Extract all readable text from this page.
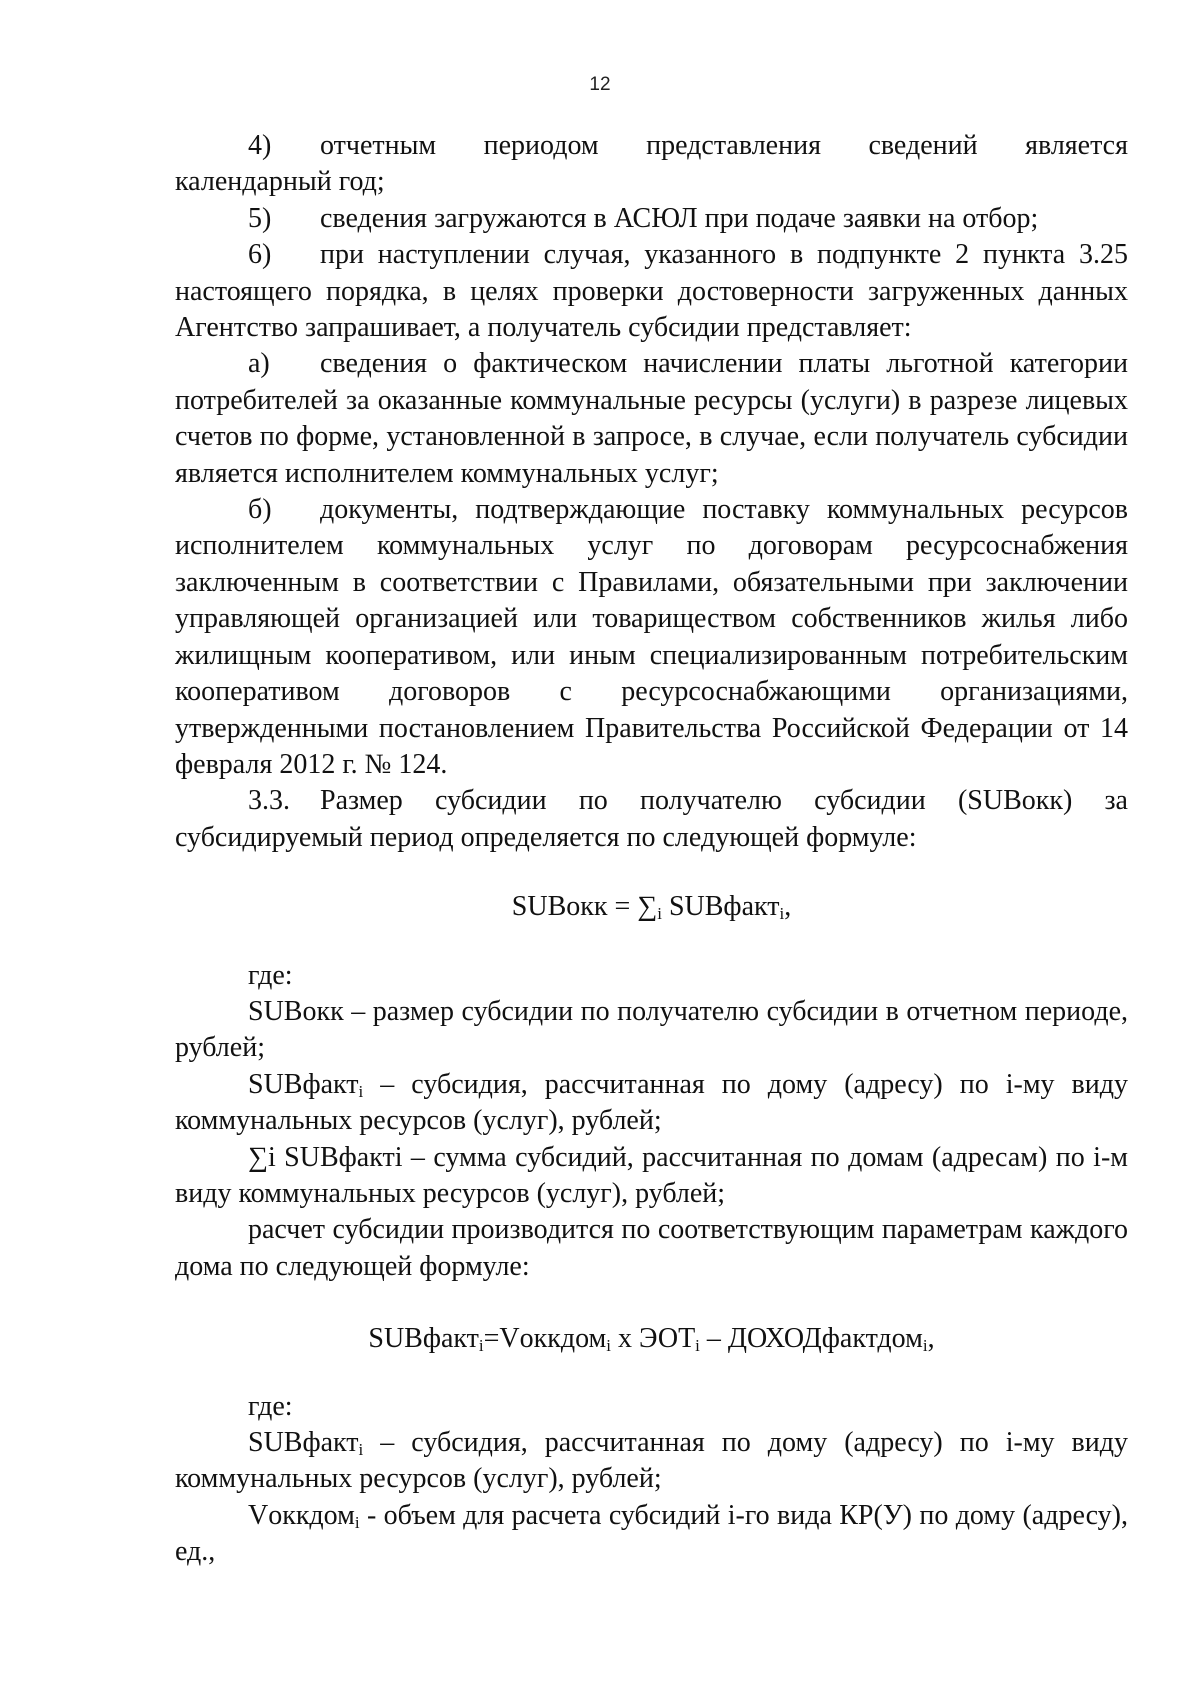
12

4) отчетным периодом представления сведений является календарный год;

5) сведения загружаются в АСЮЛ при подаче заявки на отбор;

6) при наступлении случая, указанного в подпункте 2 пункта 3.25 настоящего порядка, в целях проверки достоверности загруженных данных Агентство запрашивает, а получатель субсидии представляет:

а) сведения о фактическом начислении платы льготной категории потребителей за оказанные коммунальные ресурсы (услуги) в разрезе лицевых счетов по форме, установленной в запросе, в случае, если получатель субсидии является исполнителем коммунальных услуг;

б) документы, подтверждающие поставку коммунальных ресурсов исполнителем коммунальных услуг по договорам ресурсоснабжения заключенным в соответствии с Правилами, обязательными при заключении управляющей организацией или товариществом собственников жилья либо жилищным кооперативом, или иным специализированным потребительским кооперативом договоров с ресурсоснабжающими организациями, утвержденными постановлением Правительства Российской Федерации от 14 февраля 2012 г. № 124.

3.3. Размер субсидии по получателю субсидии (SUBокк) за субсидируемый период определяется по следующей формуле:

SUBокк = $\sum_i$ SUBфакт$_i$,

где:

SUBокк – размер субсидии по получателю субсидии в отчетном периоде, рублей;

SUBфакт$_i$ – субсидия, рассчитанная по дому (адресу) по i-му виду коммунальных ресурсов (услуг), рублей;

∑i SUBфактi – сумма субсидий, рассчитанная по домам (адресам) по i-м виду коммунальных ресурсов (услуг), рублей;

расчет субсидии производится по соответствующим параметрам каждого дома по следующей формуле:

SUBфакт$_i$=Vоккдом$_i$ х $ЭОТ_i$ – ДОХОДфактдом$_i$,

где:

SUBфакт$_i$ – субсидия, рассчитанная по дому (адресу) по i-му виду коммунальных ресурсов (услуг), рублей;

Vоккдом$_i$ - объем для расчета субсидий i-го вида КР(У) по дому (адресу), ед.,
